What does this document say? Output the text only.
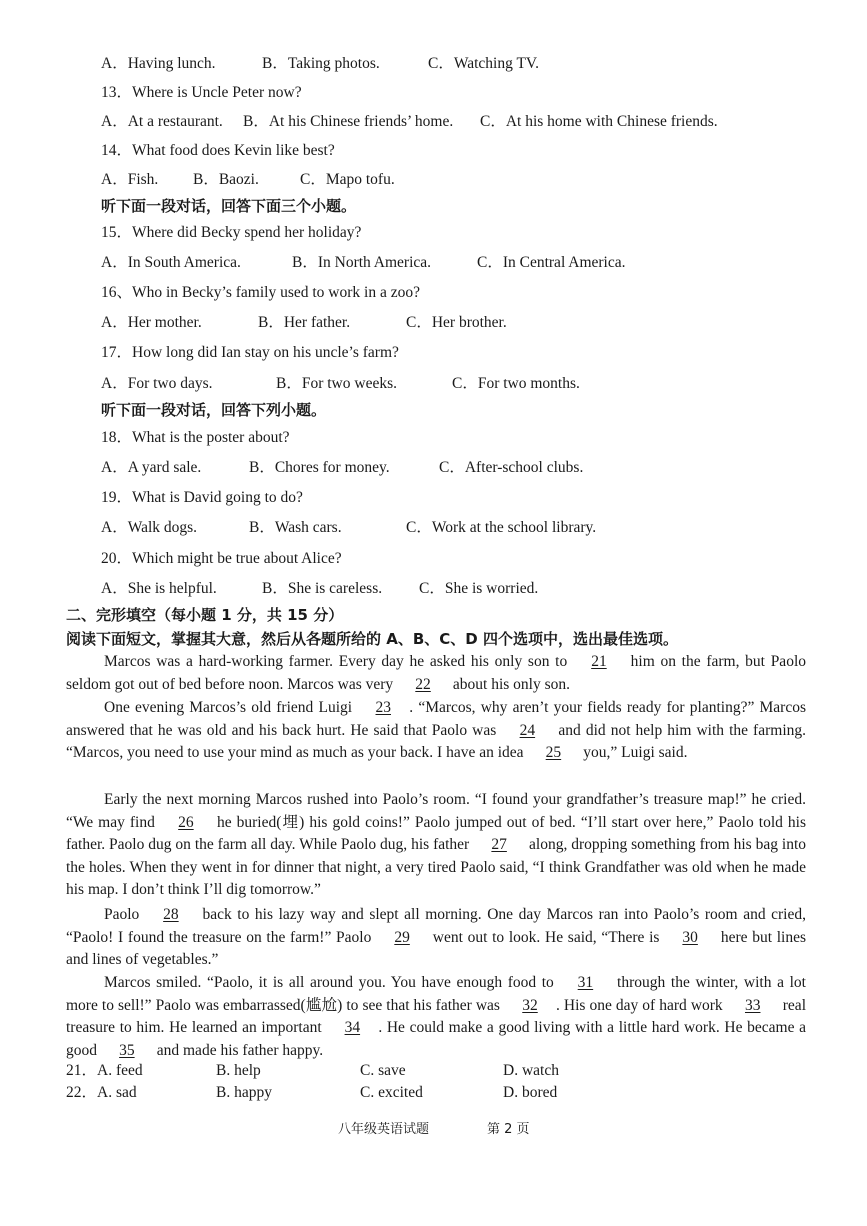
A．Having lunch.	B．Taking photos.	C．Watching TV.
13．Where is Uncle Peter now?
A．At a restaurant. B．At his Chinese friends’ home. C．At his home with Chinese friends.
14．What food does Kevin like best?
A．Fish. B．Baozi.	C．Mapo tofu.
听下面一段对话，回答下面三个小题。
15．Where did Becky spend her holiday?
A．In South America.	B．In North America.	C．In Central America.
16、Who in Becky’s family used to work in a zoo?
A．Her mother.	B．Her father.	C．Her brother.
17．How long did Ian stay on his uncle’s farm?
A．For two days.	B．For two weeks.	C．For two months.
听下面一段对话，回答下列小题。
18．What is the poster about?
A．A yard sale.	B．Chores for money.	C．After-school clubs.
19．What is David going to do?
A．Walk dogs.	B．Wash cars.	C．Work at the school library.
20．Which might be true about Alice?
A．She is helpful.	B．She is careless. C．She is worried.
二、完形填空（每小题 1 分，共 15 分）
阅读下面短文，掌握其大意，然后从各题所给的 A、B、C、D 四个选项中，选出最佳选项。
Marcos was a hard-working farmer. Every day he asked his only son to 21 him on the farm, but Paolo seldom got out of bed before noon. Marcos was very 22 about his only son.
One evening Marcos’s old friend Luigi 23 . “Marcos, why aren’t your fields ready for planting?” Marcos answered that he was old and his back hurt. He said that Paolo was 24 and did not help him with the farming. “Marcos, you need to use your mind as much as your back. I have an idea 25 you,” Luigi said.
Early the next morning Marcos rushed into Paolo’s room. “I found your grandfather’s treasure map!” he cried. “We may find 26 he buried(埋) his gold coins!” Paolo jumped out of bed. “I’ll start over here,” Paolo told his father. Paolo dug on the farm all day. While Paolo dug, his father 27 along, dropping something from his bag into the holes. When they went in for dinner that night, a very tired Paolo said, “I think Grandfather was old when he made his map. I don’t think I’ll dig tomorrow.”
Paolo 28 back to his lazy way and slept all morning. One day Marcos ran into Paolo’s room and cried, “Paolo! I found the treasure on the farm!” Paolo 29 went out to look. He said, “There is 30 here but lines and lines of vegetables.”
Marcos smiled. “Paolo, it is all around you. You have enough food to 31 through the winter, with a lot more to sell!” Paolo was embarrassed(尴尬) to see that his father was 32 . His one day of hard work 33 real treasure to him. He learned an important 34 . He could make a good living with a little hard work. He became a good 35 and made his father happy.
21．A. feed	B. help	C. save	D. watch
22．A. sad	B. happy	C. excited	D. bored
八年级英语试题	第 2 页
